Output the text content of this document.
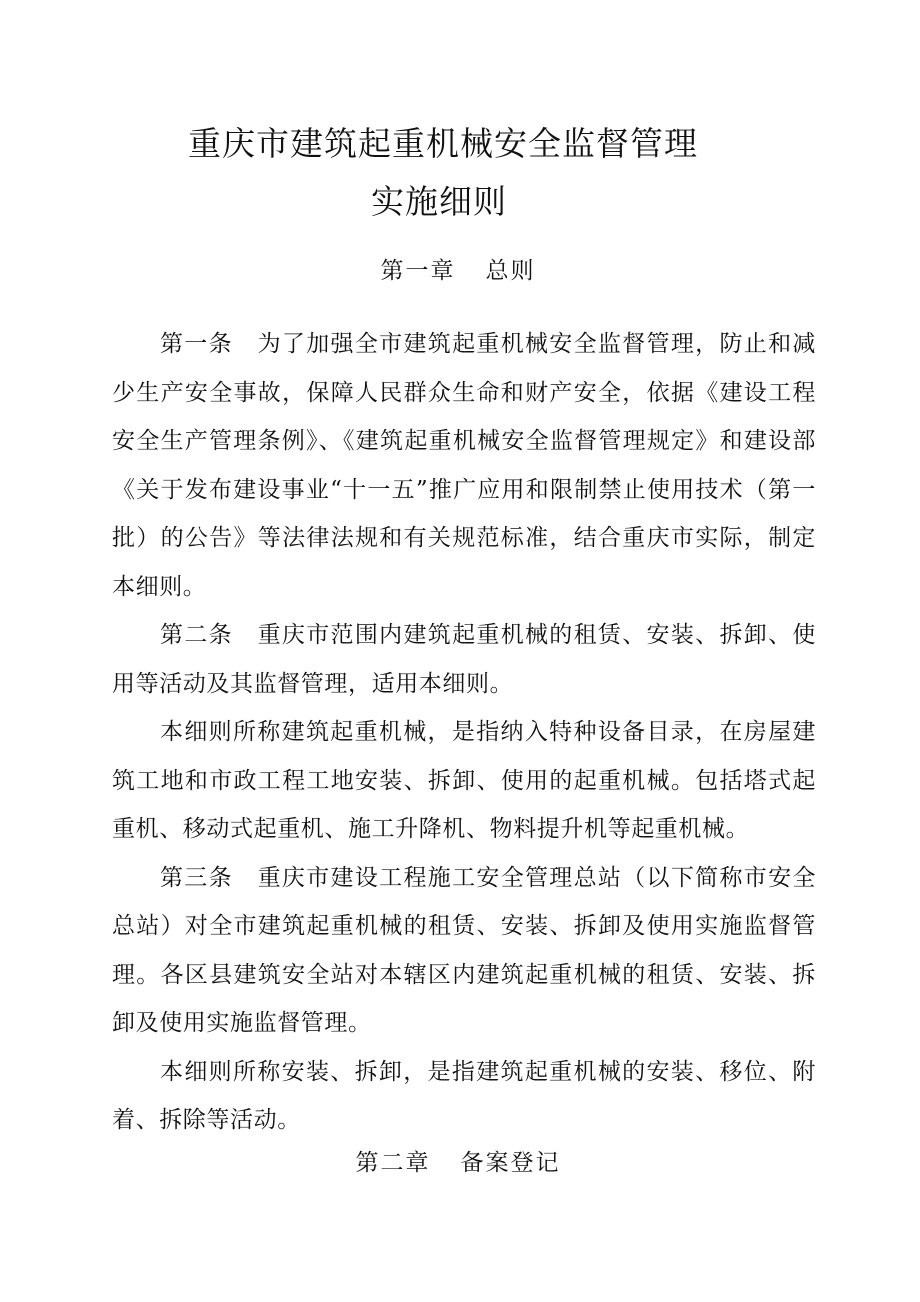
重庆市建筑起重机械安全监督管理
实施细则
第一章 总则

第一条 为了加强全市建筑起重机械安全监督管理，防止和减少生产安全事故，保障人民群众生命和财产安全，依据《建设工程安全生产管理条例》、《建筑起重机械安全监督管理规定》和建设部《关于发布建设事业“十一五”推广应用和限制禁止使用技术（第一批）的公告》等法律法规和有关规范标准，结合重庆市实际，制定本细则。

第二条 重庆市范围内建筑起重机械的租赁、安装、拆卸、使用等活动及其监督管理，适用本细则。

本细则所称建筑起重机械，是指纳入特种设备目录，在房屋建筑工地和市政工程工地安装、拆卸、使用的起重机械。包括塔式起重机、移动式起重机、施工升降机、物料提升机等起重机械。

第三条 重庆市建设工程施工安全管理总站（以下简称市安全总站）对全市建筑起重机械的租赁、安装、拆卸及使用实施监督管理。各区县建筑安全站对本辖区内建筑起重机械的租赁、安装、拆卸及使用实施监督管理。

本细则所称安装、拆卸，是指建筑起重机械的安装、移位、附着、拆除等活动。

第二章 备案登记
